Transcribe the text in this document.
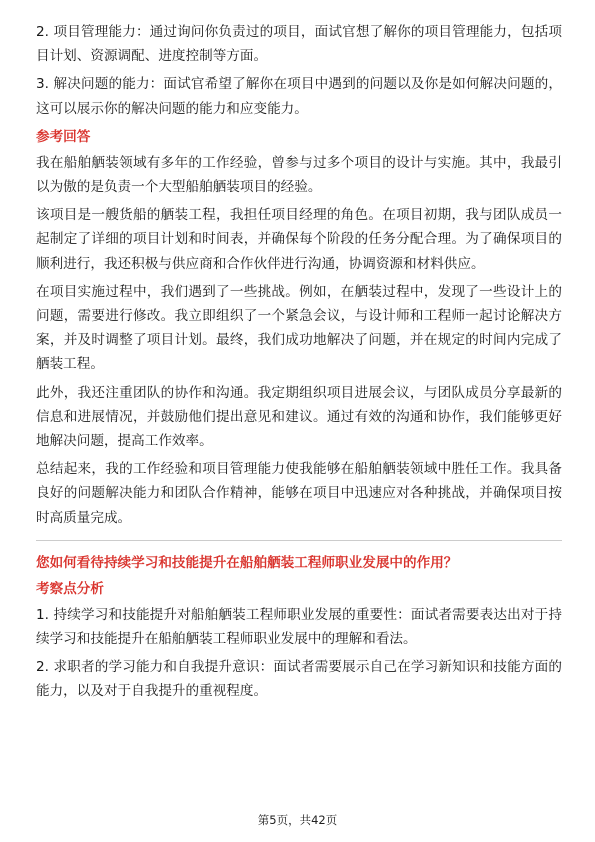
2. 项目管理能力：通过询问你负责过的项目，面试官想了解你的项目管理能力，包括项目计划、资源调配、进度控制等方面。

3. 解决问题的能力：面试官希望了解你在项目中遇到的问题以及你是如何解决问题的，这可以展示你的解决问题的能力和应变能力。

参考回答

我在船舶舾装领域有多年的工作经验，曾参与过多个项目的设计与实施。其中，我最引以为傲的是负责一个大型船舶舾装项目的经验。

该项目是一艘货船的舾装工程，我担任项目经理的角色。在项目初期，我与团队成员一起制定了详细的项目计划和时间表，并确保每个阶段的任务分配合理。为了确保项目的顺利进行，我还积极与供应商和合作伙伴进行沟通，协调资源和材料供应。

在项目实施过程中，我们遇到了一些挑战。例如，在舾装过程中，发现了一些设计上的问题，需要进行修改。我立即组织了一个紧急会议，与设计师和工程师一起讨论解决方案，并及时调整了项目计划。最终，我们成功地解决了问题，并在规定的时间内完成了舾装工程。

此外，我还注重团队的协作和沟通。我定期组织项目进展会议，与团队成员分享最新的信息和进展情况，并鼓励他们提出意见和建议。通过有效的沟通和协作，我们能够更好地解决问题，提高工作效率。

总结起来，我的工作经验和项目管理能力使我能够在船舶舾装领域中胜任工作。我具备良好的问题解决能力和团队合作精神，能够在项目中迅速应对各种挑战，并确保项目按时高质量完成。

您如何看待持续学习和技能提升在船舶舾装工程师职业发展中的作用？
考察点分析

1. 持续学习和技能提升对船舶舾装工程师职业发展的重要性：面试者需要表达出对于持续学习和技能提升在船舶舾装工程师职业发展中的理解和看法。

2. 求职者的学习能力和自我提升意识：面试者需要展示自己在学习新知识和技能方面的能力，以及对于自我提升的重视程度。

第5页，共42页
